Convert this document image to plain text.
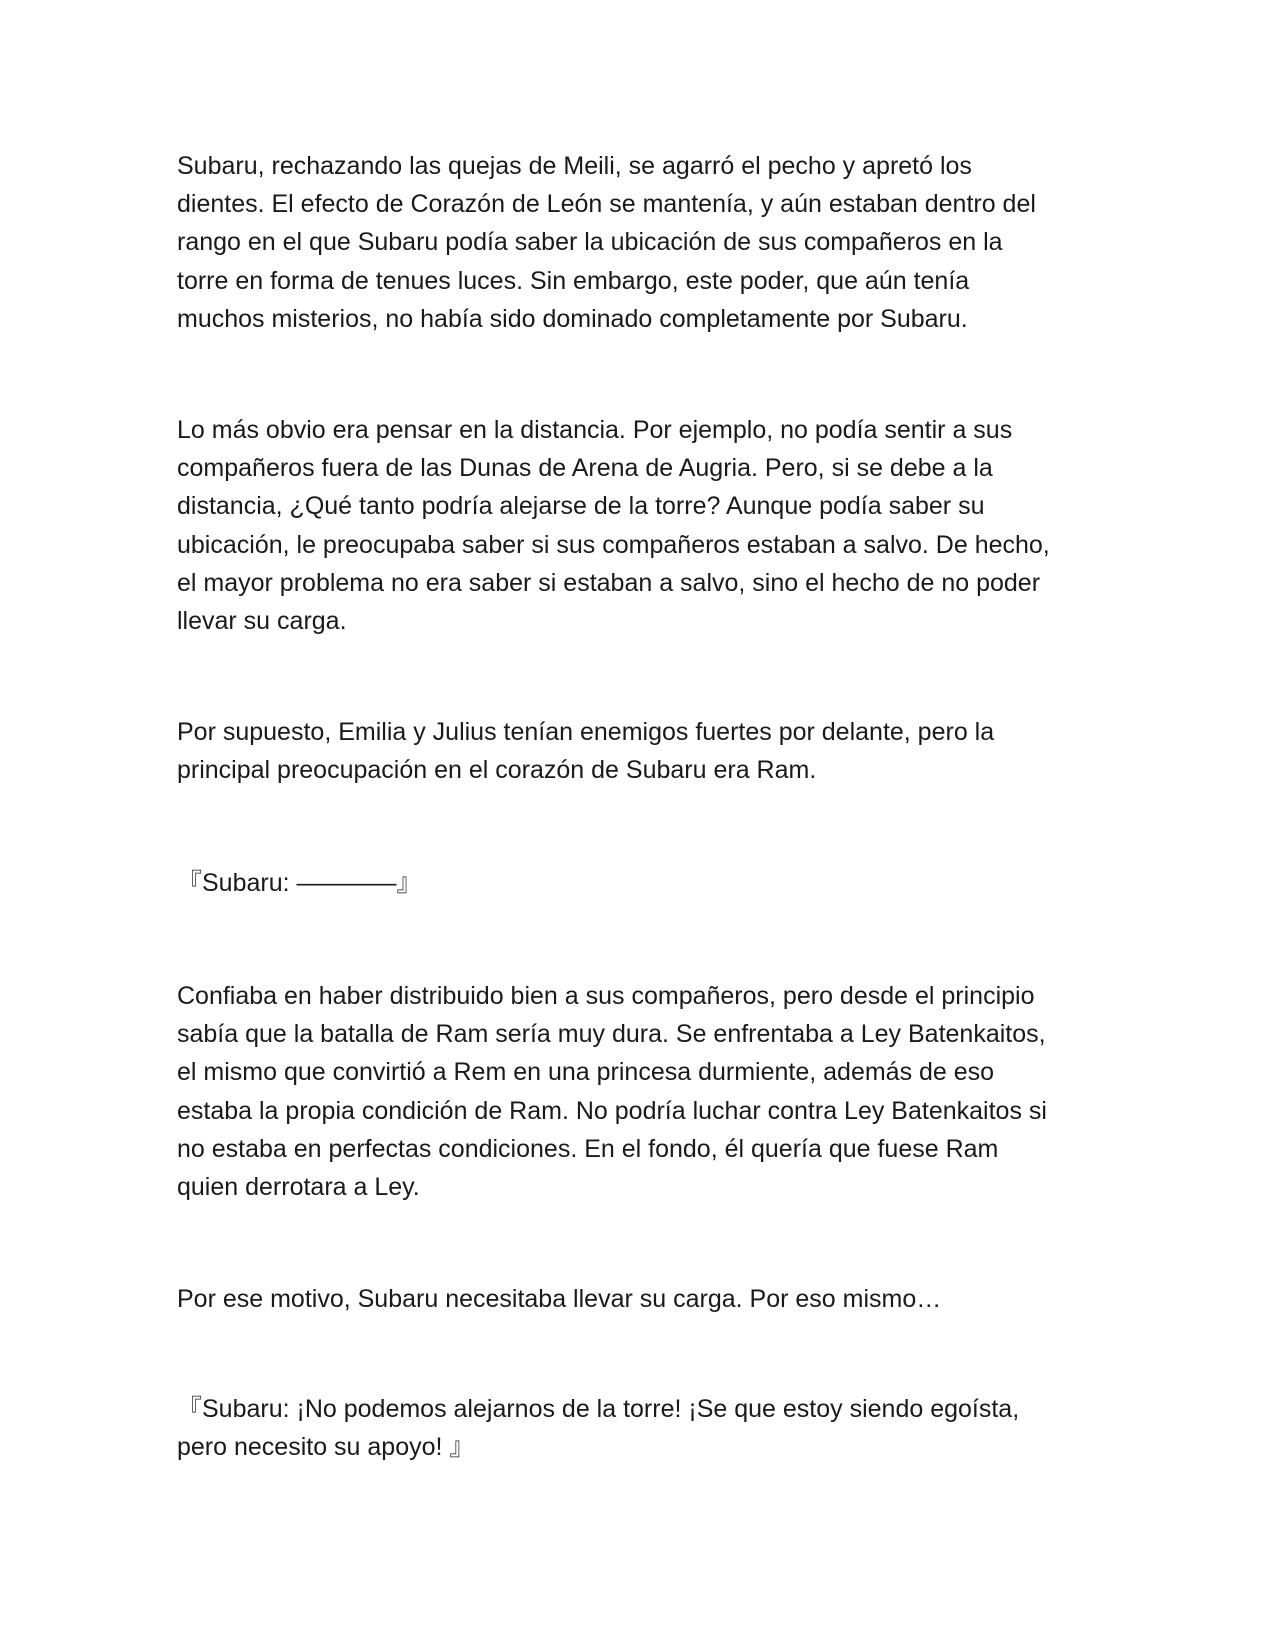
Subaru, rechazando las quejas de Meili, se agarró el pecho y apretó los
dientes. El efecto de Corazón de León se mantenía, y aún estaban dentro del
rango en el que Subaru podía saber la ubicación de sus compañeros en la
torre en forma de tenues luces. Sin embargo, este poder, que aún tenía
muchos misterios, no había sido dominado completamente por Subaru.

Lo más obvio era pensar en la distancia. Por ejemplo, no podía sentir a sus
compañeros fuera de las Dunas de Arena de Augria. Pero, si se debe a la
distancia, ¿Qué tanto podría alejarse de la torre? Aunque podía saber su
ubicación, le preocupaba saber si sus compañeros estaban a salvo. De hecho,
el mayor problema no era saber si estaban a salvo, sino el hecho de no poder
llevar su carga.

Por supuesto, Emilia y Julius tenían enemigos fuertes por delante, pero la
principal preocupación en el corazón de Subaru era Ram.

『Subaru: ————』

Confiaba en haber distribuido bien a sus compañeros, pero desde el principio
sabía que la batalla de Ram sería muy dura. Se enfrentaba a Ley Batenkaitos,
el mismo que convirtió a Rem en una princesa durmiente, además de eso
estaba la propia condición de Ram. No podría luchar contra Ley Batenkaitos si
no estaba en perfectas condiciones. En el fondo, él quería que fuese Ram
quien derrotara a Ley.

Por ese motivo, Subaru necesitaba llevar su carga. Por eso mismo…

『Subaru: ¡No podemos alejarnos de la torre! ¡Se que estoy siendo egoísta,
pero necesito su apoyo! 』
